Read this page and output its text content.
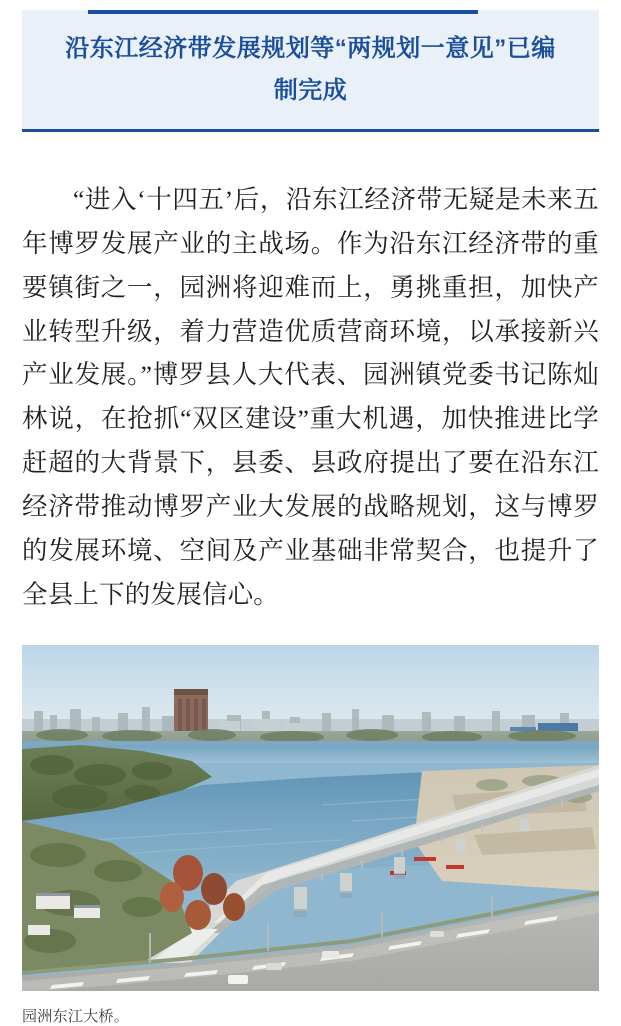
沿东江经济带发展规划等“两规划一意见”已编制完成

“进入‘十四五’后，沿东江经济带无疑是未来五年博罗发展产业的主战场。作为沿东江经济带的重要镇街之一，园洲将迎难而上，勇挑重担，加快产业转型升级，着力营造优质营商环境，以承接新兴产业发展。”博罗县人大代表、园洲镇党委书记陈灿林说，在抢抓“双区建设”重大机遇，加快推进比学赶超的大背景下，县委、县政府提出了要在沿东江经济带推动博罗产业大发展的战略规划，这与博罗的发展环境、空间及产业基础非常契合，也提升了全县上下的发展信心。

园洲东江大桥。
